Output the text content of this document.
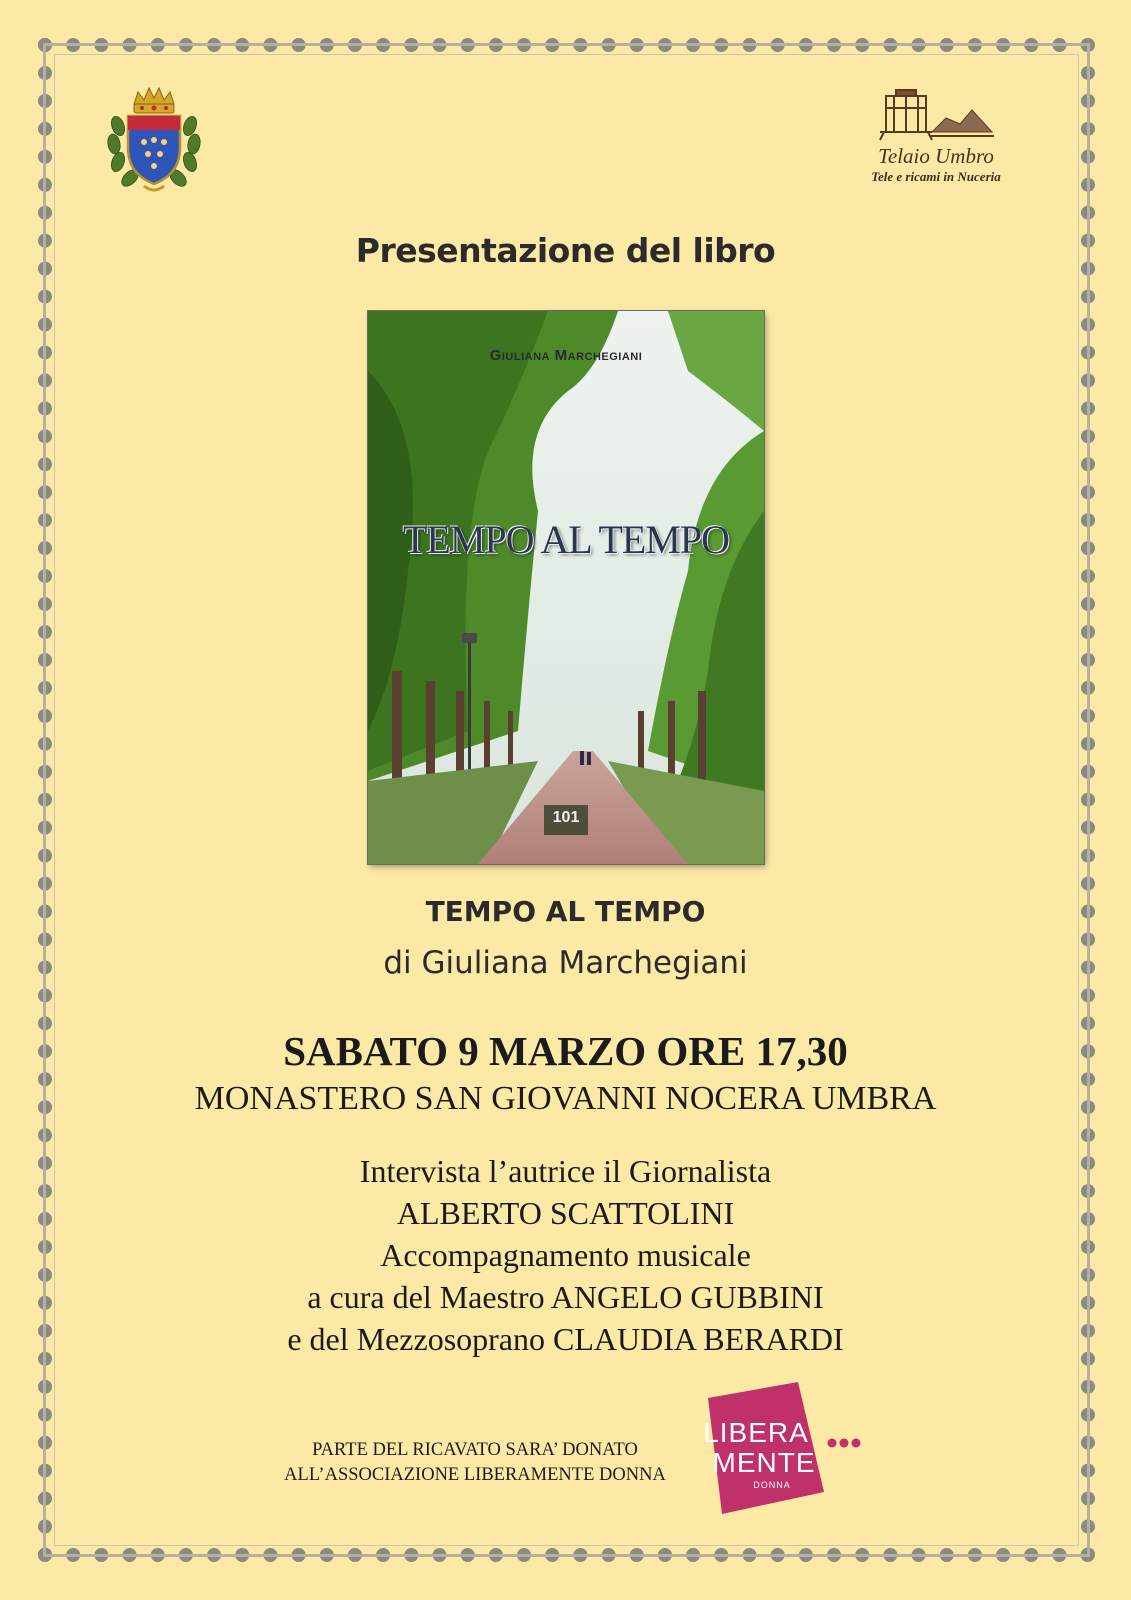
Telaio Umbro
Tele e ricami in Nuceria
Presentazione del libro
Giuliana Marchegiani
TEMPO AL TEMPO
101
TEMPO AL TEMPO
di Giuliana Marchegiani
SABATO 9 MARZO ORE 17,30
MONASTERO SAN GIOVANNI NOCERA UMBRA
Intervista l’autrice il Giornalista
ALBERTO SCATTOLINI
Accompagnamento musicale
a cura del Maestro ANGELO GUBBINI
e del Mezzosoprano CLAUDIA BERARDI
PARTE DEL RICAVATO SARA’ DONATO
ALL’ASSOCIAZIONE LIBERAMENTE DONNA
LIBERA
MENTE
DONNA
